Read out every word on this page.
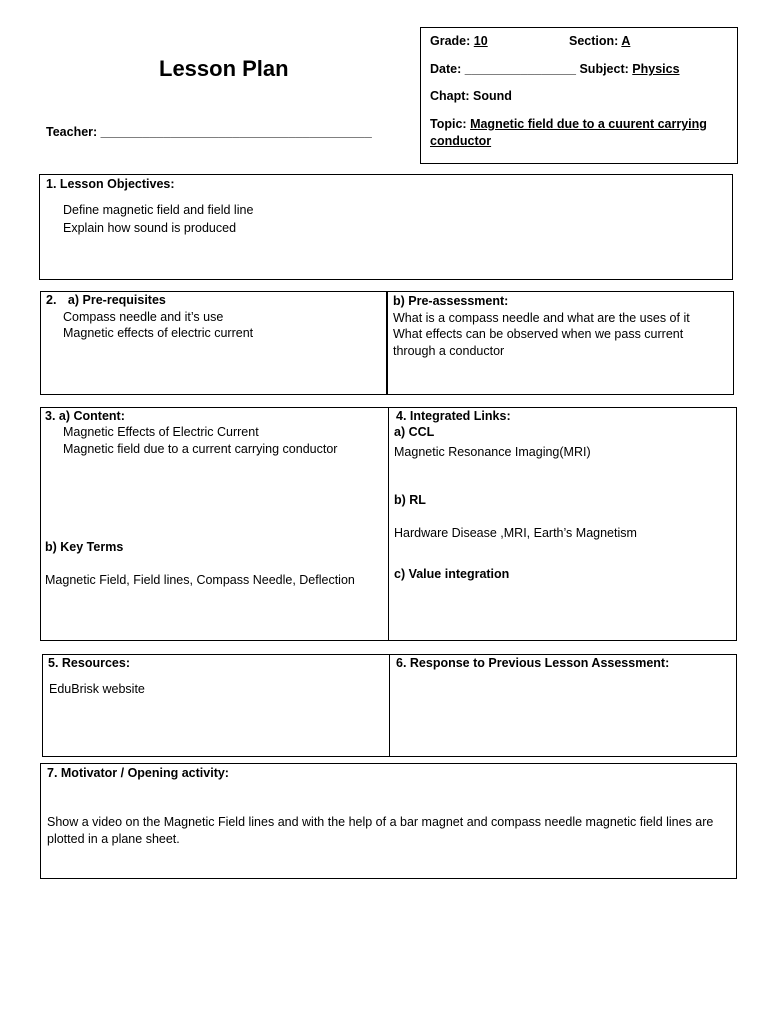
Lesson Plan
Teacher: _______________________________________
Grade: 10	Section: A
Date: ________________ Subject: Physics
Chapt: Sound
Topic: Magnetic field due to a cuurent carrying conductor
1. Lesson Objectives:
Define magnetic field and field line
Explain how sound is produced
2. a) Pre-requisites
Compass needle and it’s use
Magnetic effects of electric current
b) Pre-assessment:
What is a compass needle and what are the uses of it
What effects can be observed when we pass current through a conductor
3. a) Content:
Magnetic Effects of Electric Current
Magnetic field due to a current carrying conductor
b) Key Terms
Magnetic Field, Field lines, Compass Needle, Deflection
4. Integrated Links:
a) CCL
Magnetic Resonance Imaging(MRI)
b) RL
Hardware Disease ,MRI, Earth’s Magnetism
c) Value integration
5. Resources:
EduBrisk website
6. Response to Previous Lesson Assessment:
7. Motivator / Opening activity:
Show a video on the Magnetic Field lines and with the help of a bar magnet and compass needle magnetic field lines are plotted in a plane sheet.
